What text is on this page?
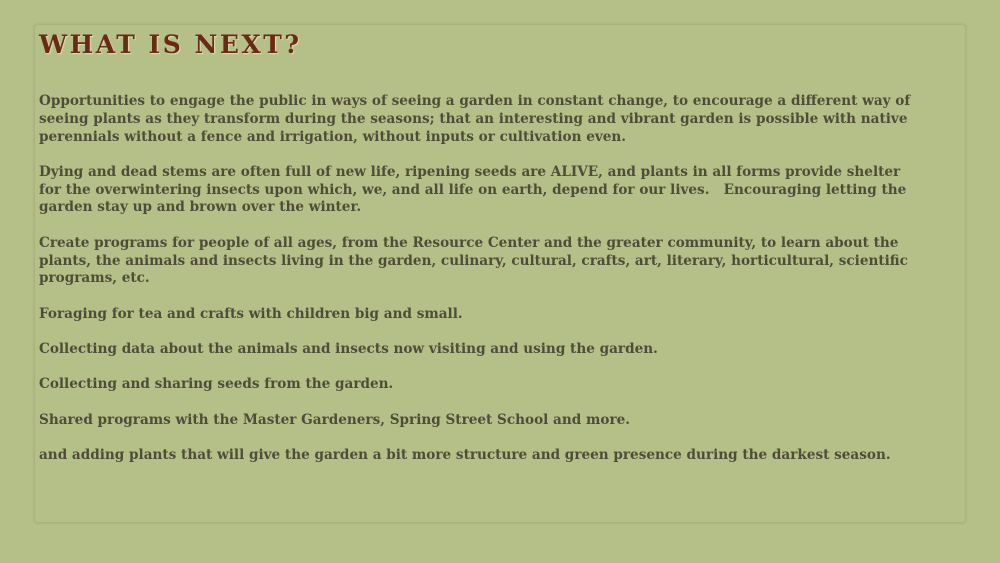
WHAT IS NEXT?

Opportunities to engage the public in ways of seeing a garden in constant change, to encourage a different way of seeing plants as they transform during the seasons; that an interesting and vibrant garden is possible with native perennials without a fence and irrigation, without inputs or cultivation even.

Dying and dead stems are often full of new life, ripening seeds are ALIVE, and plants in all forms provide shelter for the overwintering insects upon which, we, and all life on earth, depend for our lives.   Encouraging letting the garden stay up and brown over the winter.

Create programs for people of all ages, from the Resource Center and the greater community, to learn about the plants, the animals and insects living in the garden, culinary, cultural, crafts, art, literary, horticultural, scientific programs, etc.

Foraging for tea and crafts with children big and small.

Collecting data about the animals and insects now visiting and using the garden.

Collecting and sharing seeds from the garden.

Shared programs with the Master Gardeners, Spring Street School and more.

and adding plants that will give the garden a bit more structure and green presence during the darkest season.
